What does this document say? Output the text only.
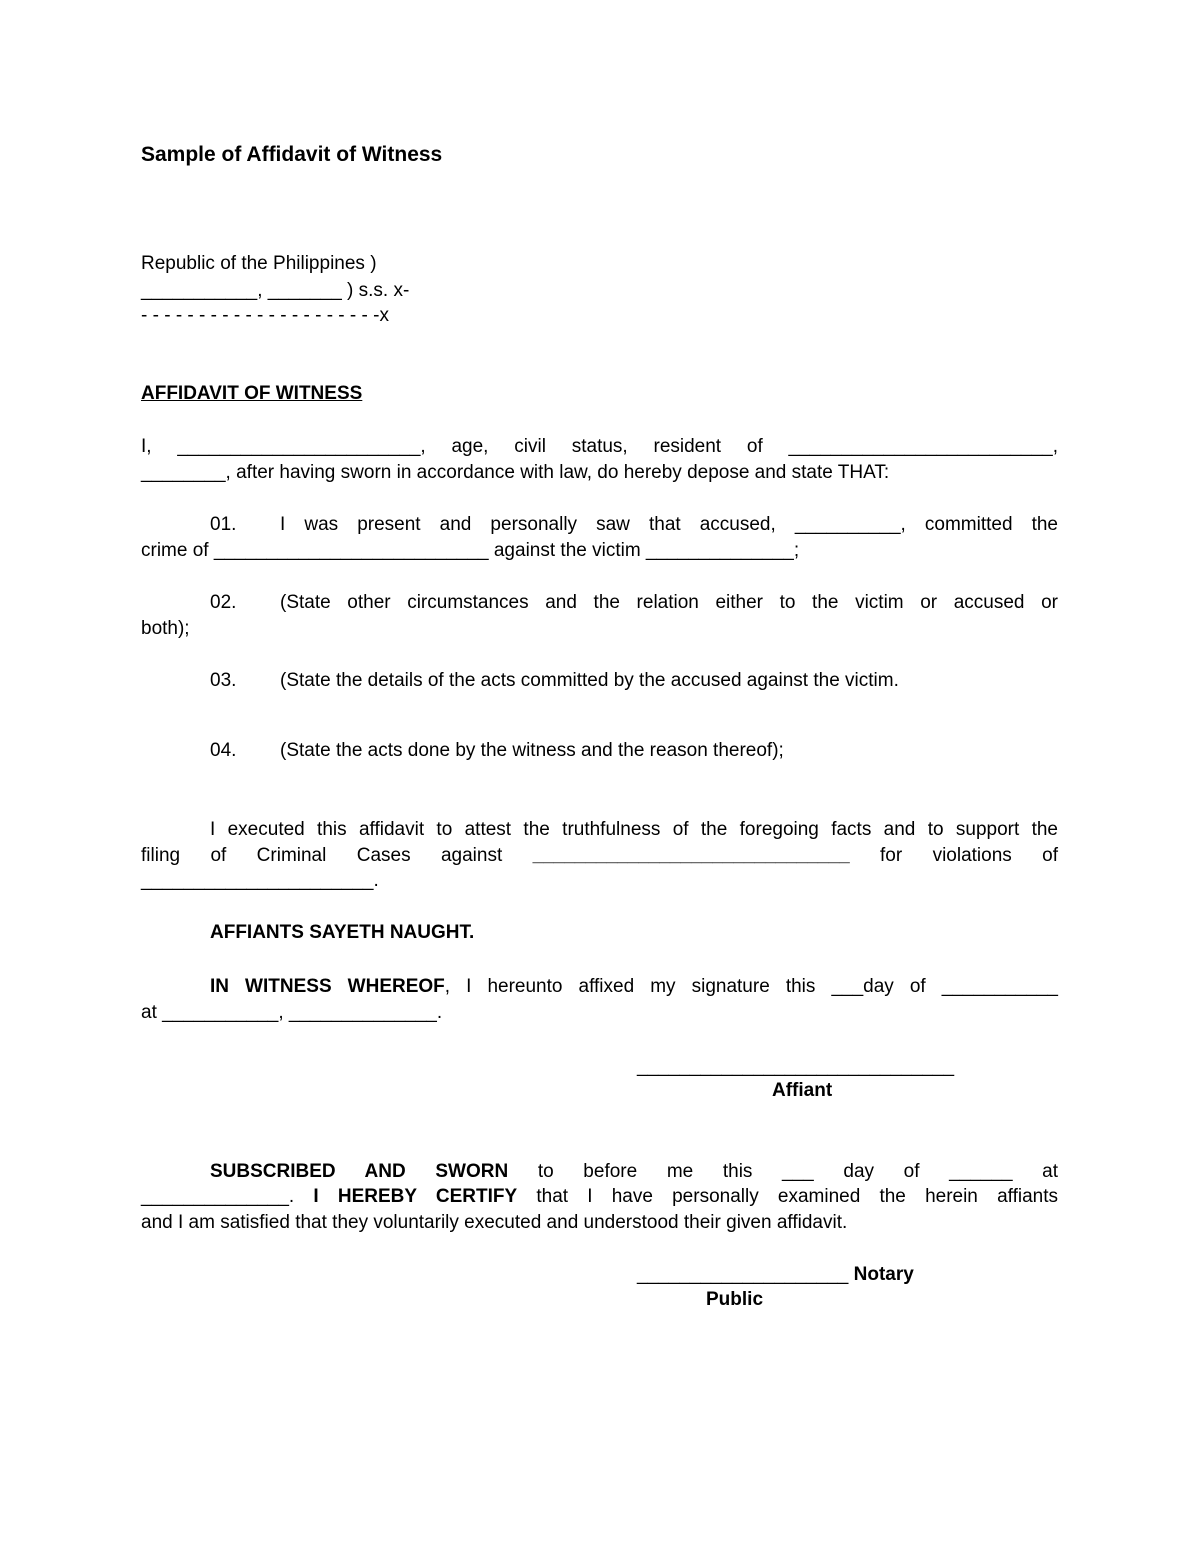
Sample of Affidavit of Witness
Republic of the Philippines )
___________, _______ ) s.s. x-
- - - - - - - - - - - - - - - - - - - - -x
AFFIDAVIT OF WITNESS
I, _______________________, age, civil status, resident of _________________________,
________, after having sworn in accordance with law, do hereby depose and state THAT:
01. I was present and personally saw that accused, __________, committed the
crime of __________________________ against the victim ______________;
02. (State other circumstances and the relation either to the victim or accused or
both);
03. (State the details of the acts committed by the accused against the victim.
04. (State the acts done by the witness and the reason thereof);
I executed this affidavit to attest the truthfulness of the foregoing facts and to support the
filing of Criminal Cases against ______________________________ for violations of
______________________.
AFFIANTS SAYETH NAUGHT.
IN WITNESS WHEREOF, I hereunto affixed my signature this ___day of ___________
at ___________, ______________.
______________________________
Affiant
SUBSCRIBED AND SWORN to before me this ___ day of ______ at
______________. I HEREBY CERTIFY that I have personally examined the herein affiants
and I am satisfied that they voluntarily executed and understood their given affidavit.
____________________ Notary
Public
